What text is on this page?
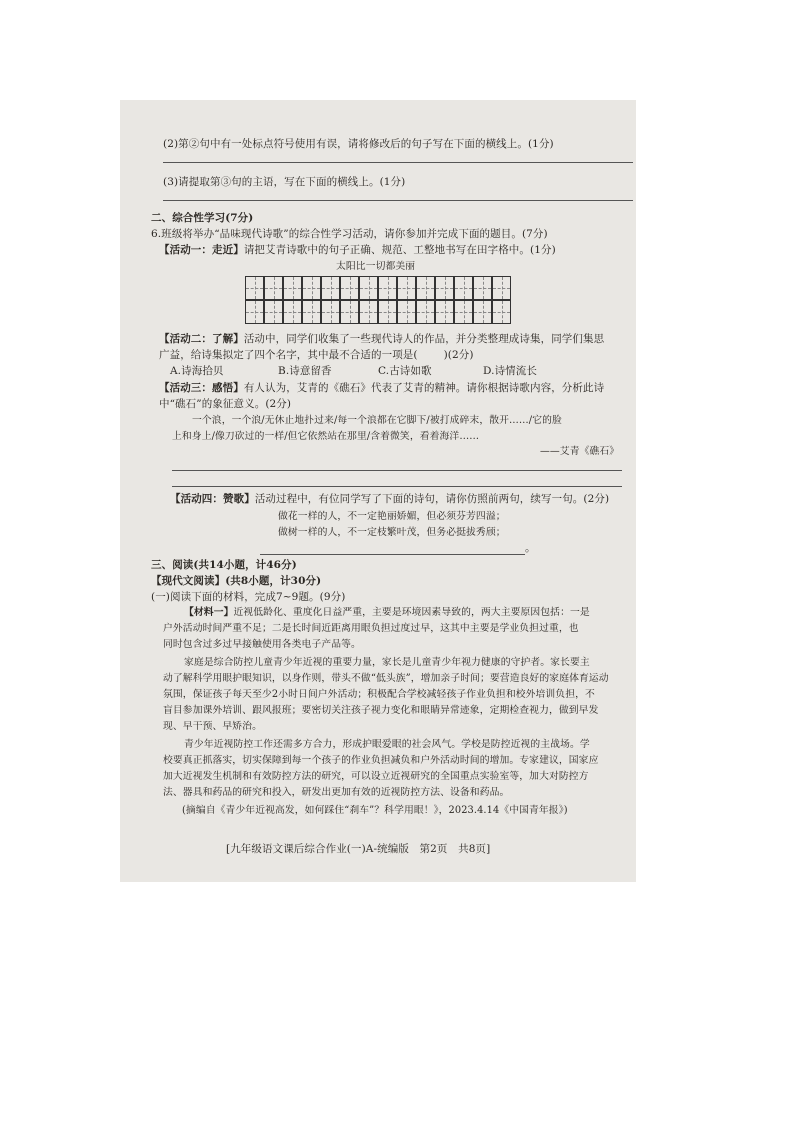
(2)第②句中有一处标点符号使用有误，请将修改后的句子写在下面的横线上。(1分)
(3)请提取第③句的主语，写在下面的横线上。(1分)
二、综合性学习(7分)
6.班级将举办“品味现代诗歌”的综合性学习活动，请你参加并完成下面的题目。(7分)
【活动一：走近】请把艾青诗歌中的句子正确、规范、工整地书写在田字格中。(1分)
太阳比一切都美丽
【活动二：了解】活动中，同学们收集了一些现代诗人的作品，并分类整理成诗集，同学们集思
广益，给诗集拟定了四个名字，其中最不合适的一项是( )(2分)
A.诗海拾贝	B.诗意留香	C.古诗如歌	D.诗情流长
【活动三：感悟】有人认为，艾青的《礁石》代表了艾青的精神。请你根据诗歌内容，分析此诗
中“礁石”的象征意义。(2分)
一个浪，一个浪/无休止地扑过来/每一个浪都在它脚下/被打成碎末，散开……/它的脸
上和身上/像刀砍过的一样/但它依然站在那里/含着微笑，看着海洋……
——艾青《礁石》
【活动四：赞歌】活动过程中，有位同学写了下面的诗句，请你仿照前两句，续写一句。(2分)
做花一样的人，不一定艳丽娇媚，但必须芬芳四溢；
做树一样的人，不一定枝繁叶茂，但务必挺拔秀颀；
。
三、阅读(共14小题，计46分)
【现代文阅读】(共8小题，计30分)
(一)阅读下面的材料，完成7~9题。(9分)
【材料一】近视低龄化、重度化日益严重，主要是环境因素导致的，两大主要原因包括：一是
户外活动时间严重不足；二是长时间近距离用眼负担过度过早，这其中主要是学业负担过重，也
同时包含过多过早接触使用各类电子产品等。
家庭是综合防控儿童青少年近视的重要力量，家长是儿童青少年视力健康的守护者。家长要主
动了解科学用眼护眼知识，以身作则，带头不做“低头族”，增加亲子时间；要营造良好的家庭体育运动
氛围，保证孩子每天至少2小时日间户外活动；积极配合学校减轻孩子作业负担和校外培训负担，不
盲目参加课外培训、跟风报班；要密切关注孩子视力变化和眼睛异常迹象，定期检查视力，做到早发
现、早干预、早矫治。
青少年近视防控工作还需多方合力，形成护眼爱眼的社会风气。学校是防控近视的主战场。学
校要真正抓落实，切实保障到每一个孩子的作业负担减负和户外活动时间的增加。专家建议，国家应
加大近视发生机制和有效防控方法的研究，可以设立近视研究的全国重点实验室等，加大对防控方
法、器具和药品的研究和投入，研发出更加有效的近视防控方法、设备和药品。
(摘编自《青少年近视高发，如何踩住“刹车”？科学用眼！》，2023.4.14《中国青年报》)
[九年级语文课后综合作业(一)A-统编版　第2页　共8页]
